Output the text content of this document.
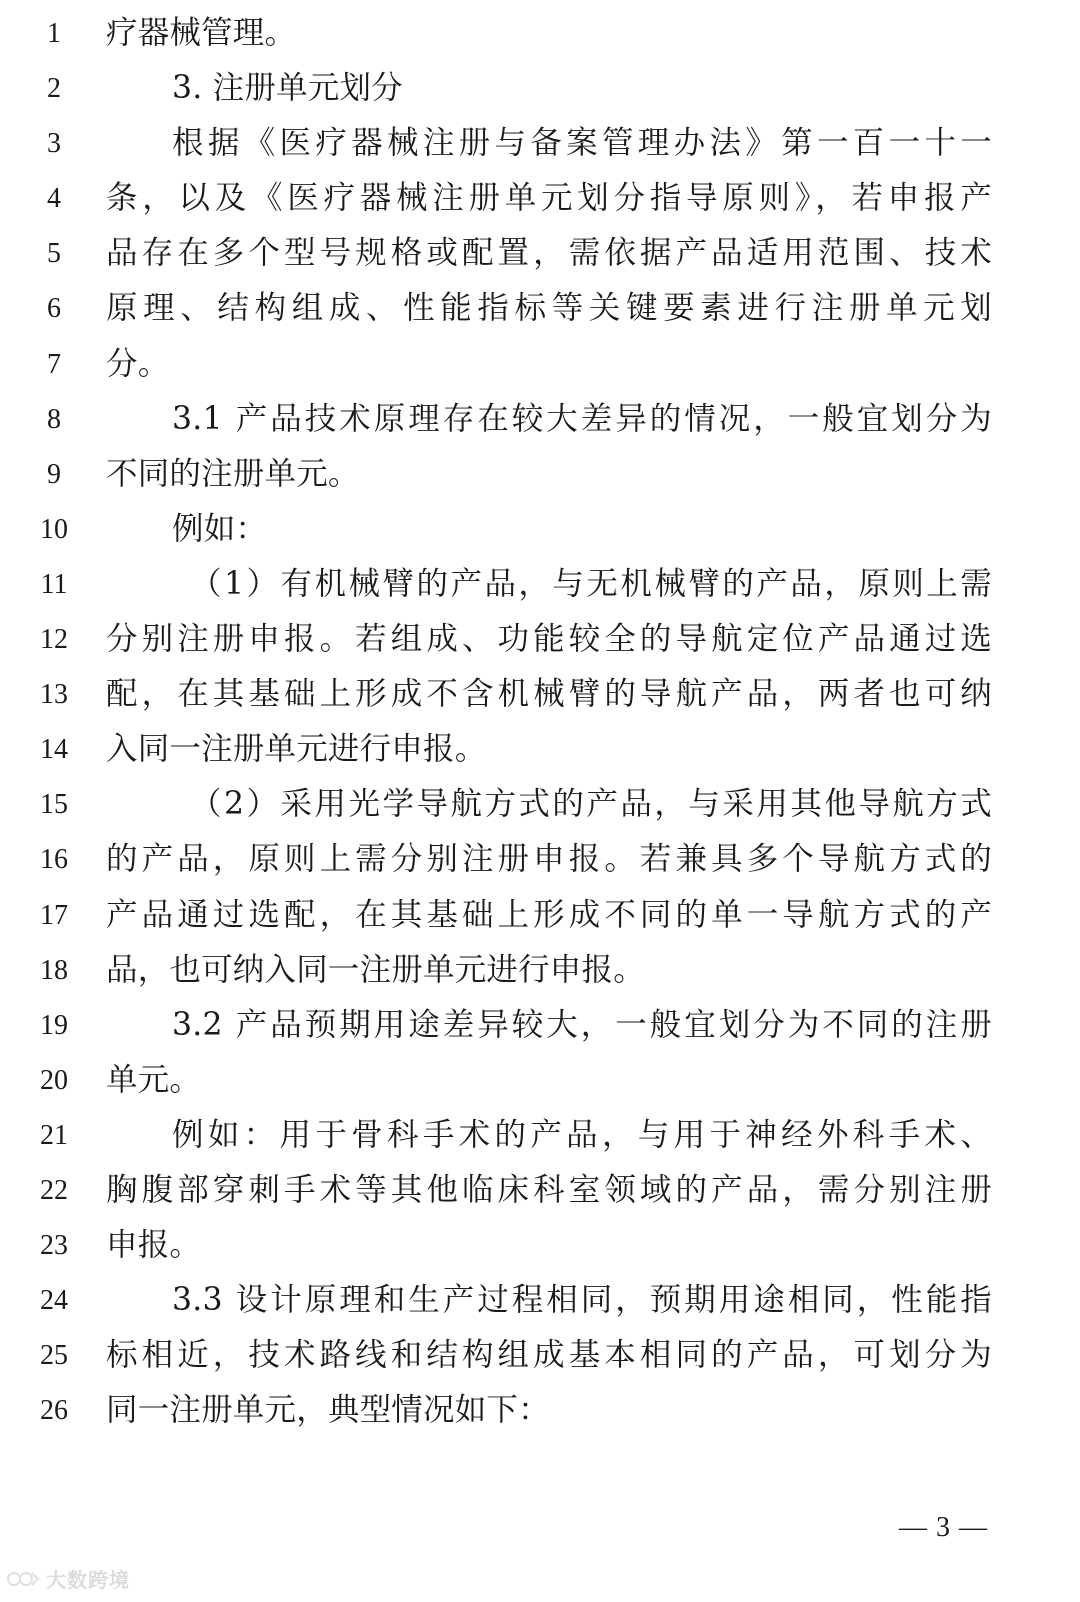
1	疗器械管理。
2	3. 注册单元划分
3	根据《医疗器械注册与备案管理办法》第一百一十一
4	条，以及《医疗器械注册单元划分指导原则》，若申报产
5	品存在多个型号规格或配置，需依据产品适用范围、技术
6	原理、结构组成、性能指标等关键要素进行注册单元划
7	分。
8	3.1 产品技术原理存在较大差异的情况，一般宜划分为
9	不同的注册单元。
10	例如：
11	（1）有机械臂的产品，与无机械臂的产品，原则上需
12	分别注册申报。若组成、功能较全的导航定位产品通过选
13	配，在其基础上形成不含机械臂的导航产品，两者也可纳
14	入同一注册单元进行申报。
15	（2）采用光学导航方式的产品，与采用其他导航方式
16	的产品，原则上需分别注册申报。若兼具多个导航方式的
17	产品通过选配，在其基础上形成不同的单一导航方式的产
18	品，也可纳入同一注册单元进行申报。
19	3.2 产品预期用途差异较大，一般宜划分为不同的注册
20	单元。
21	例如：用于骨科手术的产品，与用于神经外科手术、
22	胸腹部穿刺手术等其他临床科室领域的产品，需分别注册
23	申报。
24	3.3 设计原理和生产过程相同，预期用途相同，性能指
25	标相近，技术路线和结构组成基本相同的产品，可划分为
26	同一注册单元，典型情况如下：
— 3 —
大数跨境
